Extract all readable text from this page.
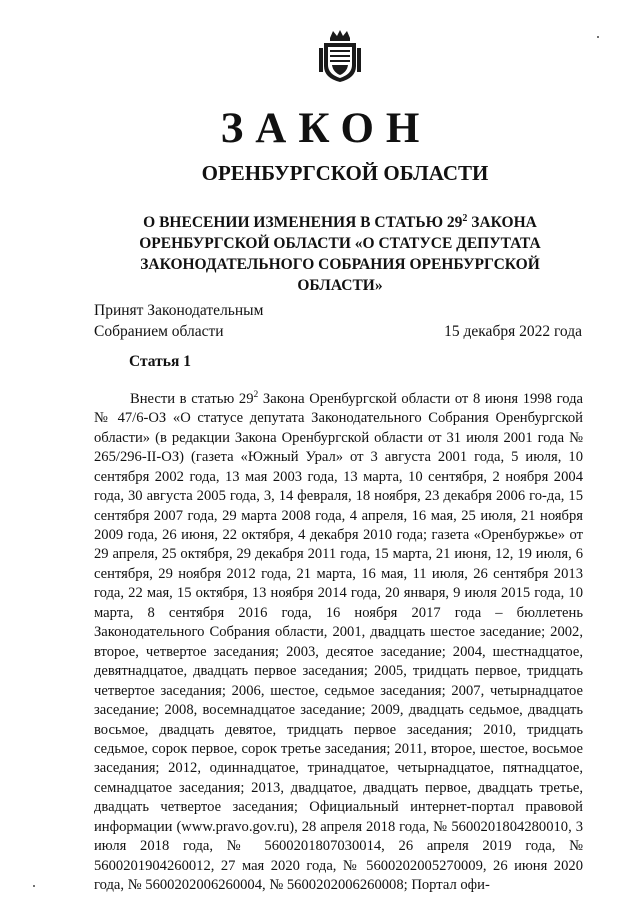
ЗАКОН
ОРЕНБУРГСКОЙ ОБЛАСТИ
О ВНЕСЕНИИ ИЗМЕНЕНИЯ В СТАТЬЮ $29^2$ ЗАКОНА
ОРЕНБУРГСКОЙ ОБЛАСТИ «О СТАТУСЕ ДЕПУТАТА
ЗАКОНОДАТЕЛЬНОГО СОБРАНИЯ ОРЕНБУРГСКОЙ ОБЛАСТИ»
Принят Законодательным
Собранием области	15 декабря 2022 года
Статья 1

Внести в статью $29^2$ Закона Оренбургской области от 8 июня 1998 года № 47/6-ОЗ «О статусе депутата Законодательного Собрания Оренбургской области» (в редакции Закона Оренбургской области от 31 июля 2001 года № 265/296-II-ОЗ) (газета «Южный Урал» от 3 августа 2001 года, 5 июля, 10 сентября 2002 года, 13 мая 2003 года, 13 марта, 10 сентября, 2 ноября 2004 года, 30 августа 2005 года, 3, 14 февраля, 18 ноября, 23 декабря 2006 го-да, 15 сентября 2007 года, 29 марта 2008 года, 4 апреля, 16 мая, 25 июля, 21 ноября 2009 года, 26 июня, 22 октября, 4 декабря 2010 года; газета «Оренбуржье» от 29 апреля, 25 октября, 29 декабря 2011 года, 15 марта, 21 июня, 12, 19 июля, 6 сентября, 29 ноября 2012 года, 21 марта, 16 мая, 11 июля, 26 сентября 2013 года, 22 мая, 15 октября, 13 ноября 2014 года, 20 января, 9 июля 2015 года, 10 марта, 8 сентября 2016 года, 16 ноября 2017 года – бюллетень Законодательного Собрания области, 2001, двадцать шестое заседание; 2002, второе, четвертое заседания; 2003, десятое заседание; 2004, шестнадцатое, девятнадцатое, двадцать первое заседания; 2005, тридцать первое, тридцать четвертое заседания; 2006, шестое, седьмое заседания; 2007, четырнадцатое заседание; 2008, восемнадцатое заседание; 2009, двадцать седьмое, двадцать восьмое, двадцать девятое, тридцать первое заседания; 2010, тридцать седьмое, сорок первое, сорок третье заседания; 2011, второе, шестое, восьмое заседания; 2012, одиннадцатое, тринадцатое, четырнадцатое, пятнадцатое, семнадцатое заседания; 2013, двадцатое, двадцать первое, двадцать третье, двадцать четвертое заседания; Официальный интернет-портал правовой информации (www.pravo.gov.ru), 28 апреля 2018 года, № 5600201804280010, 3 июля 2018 года, № 5600201807030014, 26 апреля 2019 года, № 5600201904260012, 27 мая 2020 года, № 5600202005270009, 26 июня 2020 года, № 5600202006260004, № 5600202006260008; Портал офи-
